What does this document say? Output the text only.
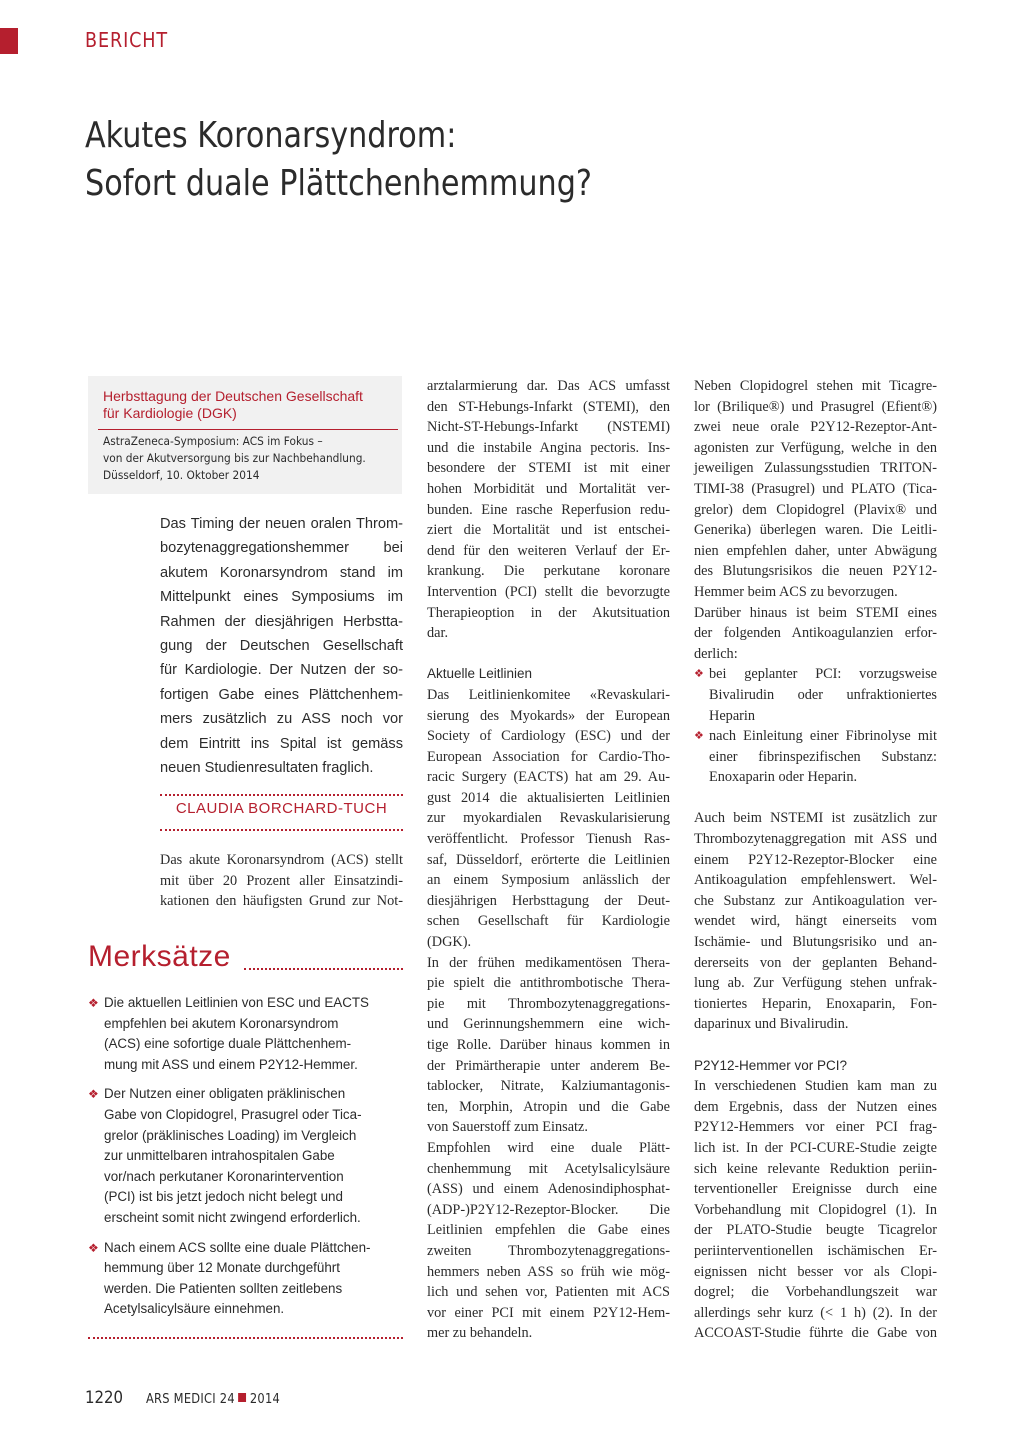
BERICHT
Akutes Koronarsyndrom:
Sofort duale Plättchenhemmung?
Herbsttagung der Deutschen Gesellschaft
für Kardiologie (DGK)
AstraZeneca-Symposium: ACS im Fokus –
von der Akutversorgung bis zur Nachbehandlung.
Düsseldorf, 10. Oktober 2014
Das Timing der neuen oralen Throm-
bozytenaggregationshemmer bei
akutem Koronarsyndrom stand im
Mittelpunkt eines Symposiums im
Rahmen der diesjährigen Herbstta-
gung der Deutschen Gesellschaft
für Kardiologie. Der Nutzen der so-
fortigen Gabe eines Plättchenhem-
mers zusätzlich zu ASS noch vor
dem Eintritt ins Spital ist gemäss
neuen Studienresultaten fraglich.
CLAUDIA BORCHARD-TUCH
Das akute Koronarsyndrom (ACS) stellt
mit über 20 Prozent aller Einsatzindi-
kationen den häufigsten Grund zur Not-
Merksätze
❖ Die aktuellen Leitlinien von ESC und EACTS
empfehlen bei akutem Koronarsyndrom
(ACS) eine sofortige duale Plättchenhem-
mung mit ASS und einem P2Y12-Hemmer.
❖ Der Nutzen einer obligaten präklinischen
Gabe von Clopidogrel, Prasugrel oder Tica-
grelor (präklinisches Loading) im Vergleich
zur unmittelbaren intrahospitalen Gabe
vor/nach perkutaner Koronarintervention
(PCI) ist bis jetzt jedoch nicht belegt und
erscheint somit nicht zwingend erforderlich.
❖ Nach einem ACS sollte eine duale Plättchen-
hemmung über 12 Monate durchgeführt
werden. Die Patienten sollten zeitlebens
Acetylsalicylsäure einnehmen.
arztalarmierung dar. Das ACS umfasst
den ST-Hebungs-Infarkt (STEMI), den
Nicht-ST-Hebungs-Infarkt (NSTEMI)
und die instabile Angina pectoris. Ins-
besondere der STEMI ist mit einer
hohen Morbidität und Mortalität ver-
bunden. Eine rasche Reperfusion redu-
ziert die Mortalität und ist entschei-
dend für den weiteren Verlauf der Er-
krankung. Die perkutane koronare
Intervention (PCI) stellt die bevorzugte
Therapieoption in der Akutsituation
dar.
Aktuelle Leitlinien
Das Leitlinienkomitee «Revaskulari-
sierung des Myokards» der European
Society of Cardiology (ESC) und der
European Association for Cardio-Tho-
racic Surgery (EACTS) hat am 29. Au-
gust 2014 die aktualisierten Leitlinien
zur myokardialen Revaskularisierung
veröffentlicht. Professor Tienush Ras-
saf, Düsseldorf, erörterte die Leitlinien
an einem Symposium anlässlich der
diesjährigen Herbsttagung der Deut-
schen Gesellschaft für Kardiologie
(DGK).
In der frühen medikamentösen Thera-
pie spielt die antithrombotische Thera-
pie mit Thrombozytenaggregations-
und Gerinnungshemmern eine wich-
tige Rolle. Darüber hinaus kommen in
der Primärtherapie unter anderem Be-
tablocker, Nitrate, Kalziumantagonis-
ten, Morphin, Atropin und die Gabe
von Sauerstoff zum Einsatz.
Empfohlen wird eine duale Plätt-
chenhemmung mit Acetylsalicylsäure
(ASS) und einem Adenosindiphosphat-
(ADP-)P2Y12-Rezeptor-Blocker. Die
Leitlinien empfehlen die Gabe eines
zweiten Thrombozytenaggregations-
hemmers neben ASS so früh wie mög-
lich und sehen vor, Patienten mit ACS
vor einer PCI mit einem P2Y12-Hem-
mer zu behandeln.
Neben Clopidogrel stehen mit Ticagre-
lor (Brilique®) und Prasugrel (Efient®)
zwei neue orale P2Y12-Rezeptor-Ant-
agonisten zur Verfügung, welche in den
jeweiligen Zulassungsstudien TRITON-
TIMI-38 (Prasugrel) und PLATO (Tica-
grelor) dem Clopidogrel (Plavix® und
Generika) überlegen waren. Die Leitli-
nien empfehlen daher, unter Abwägung
des Blutungsrisikos die neuen P2Y12-
Hemmer beim ACS zu bevorzugen.
Darüber hinaus ist beim STEMI eines
der folgenden Antikoagulanzien erfor-
derlich:
❖ bei geplanter PCI: vorzugsweise
Bivalirudin oder unfraktioniertes
Heparin
❖ nach Einleitung einer Fibrinolyse mit
einer fibrinspezifischen Substanz:
Enoxaparin oder Heparin.
Auch beim NSTEMI ist zusätzlich zur
Thrombozytenaggregation mit ASS und
einem P2Y12-Rezeptor-Blocker eine
Antikoagulation empfehlenswert. Wel-
che Substanz zur Antikoagulation ver-
wendet wird, hängt einerseits vom
Ischämie- und Blutungsrisiko und an-
dererseits von der geplanten Behand-
lung ab. Zur Verfügung stehen unfrak-
tioniertes Heparin, Enoxaparin, Fon-
daparinux und Bivalirudin.
P2Y12-Hemmer vor PCI?
In verschiedenen Studien kam man zu
dem Ergebnis, dass der Nutzen eines
P2Y12-Hemmers vor einer PCI frag-
lich ist. In der PCI-CURE-Studie zeigte
sich keine relevante Reduktion periin-
terventioneller Ereignisse durch eine
Vorbehandlung mit Clopidogrel (1). In
der PLATO-Studie beugte Ticagrelor
periinterventionellen ischämischen Er-
eignissen nicht besser vor als Clopi-
dogrel; die Vorbehandlungszeit war
allerdings sehr kurz (< 1 h) (2). In der
ACCOAST-Studie führte die Gabe von
1220 ARS MEDICI 24 2014
